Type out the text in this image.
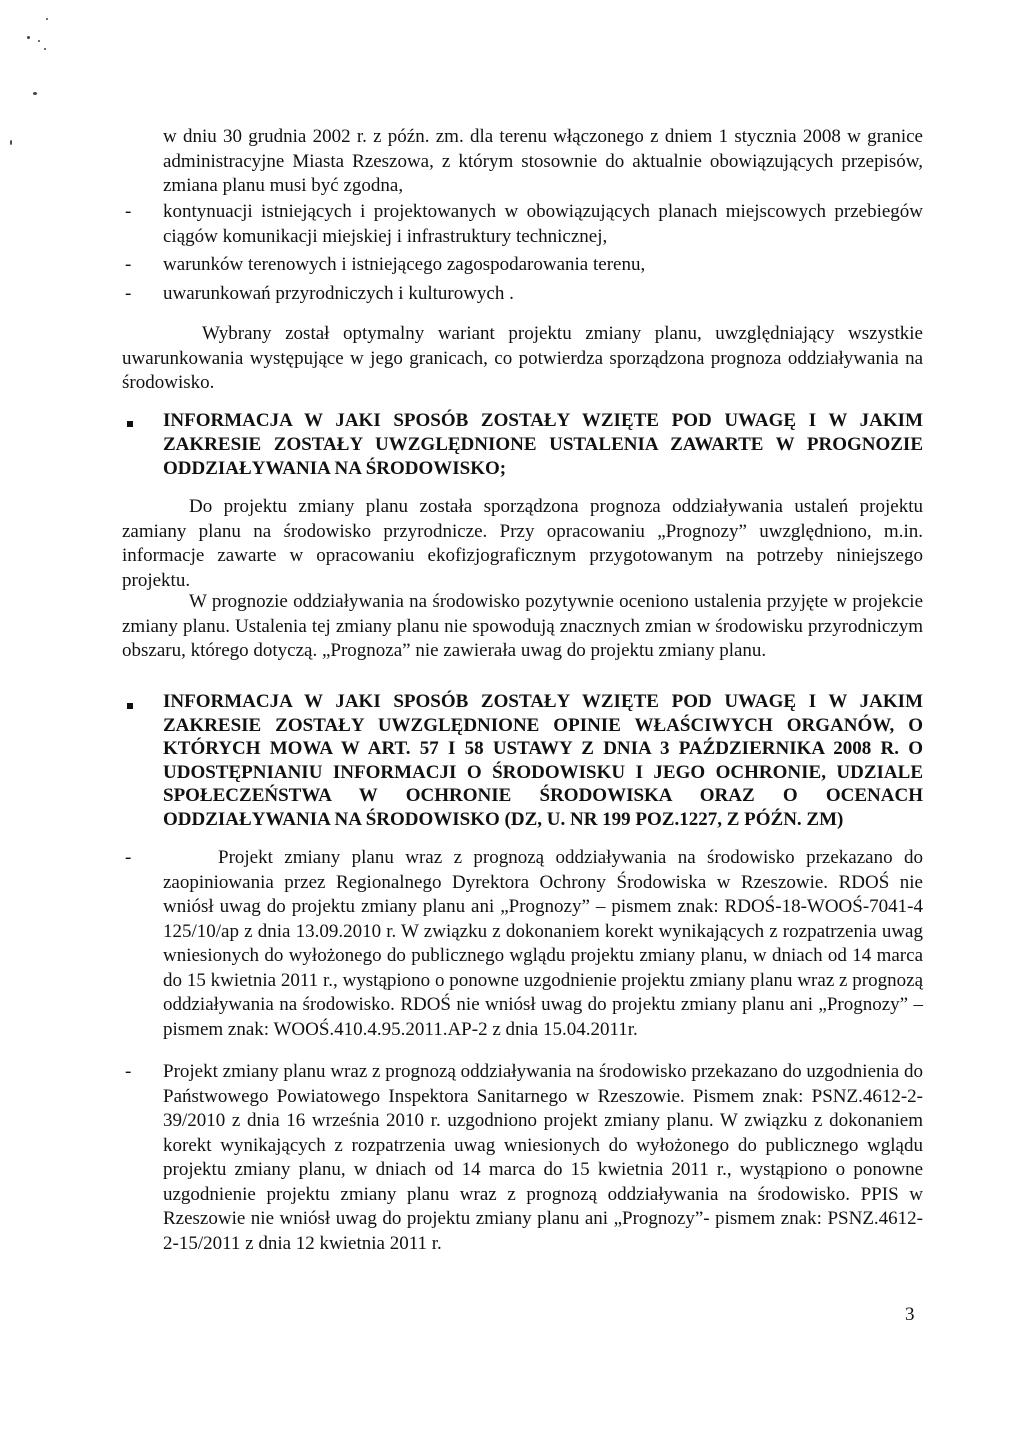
w dniu 30 grudnia 2002 r. z późn. zm. dla terenu włączonego z dniem 1 stycznia 2008 w granice administracyjne Miasta Rzeszowa, z którym stosownie do aktualnie obowiązujących przepisów, zmiana planu musi być zgodna,

- kontynuacji istniejących i projektowanych w obowiązujących planach miejscowych przebiegów ciągów komunikacji miejskiej i infrastruktury technicznej,

- warunków terenowych i istniejącego zagospodarowania terenu,

- uwarunkowań przyrodniczych i kulturowych .

Wybrany został optymalny wariant projektu zmiany planu, uwzględniający wszystkie uwarunkowania występujące w jego granicach, co potwierdza sporządzona prognoza oddziaływania na środowisko.

INFORMACJA W JAKI SPOSÓB ZOSTAŁY WZIĘTE POD UWAGĘ I W JAKIM ZAKRESIE ZOSTAŁY UWZGLĘDNIONE USTALENIA ZAWARTE W PROGNOZIE ODDZIAŁYWANIA NA ŚRODOWISKO;

Do projektu zmiany planu została sporządzona prognoza oddziaływania ustaleń projektu zamiany planu na środowisko przyrodnicze. Przy opracowaniu „Prognozy” uwzględniono, m.in. informacje zawarte w opracowaniu ekofizjograficznym przygotowanym na potrzeby niniejszego projektu.

W prognozie oddziaływania na środowisko pozytywnie oceniono ustalenia przyjęte w projekcie zmiany planu. Ustalenia tej zmiany planu nie spowodują znacznych zmian w środowisku przyrodniczym obszaru, którego dotyczą. „Prognoza” nie zawierała uwag do projektu zmiany planu.

INFORMACJA W JAKI SPOSÓB ZOSTAŁY WZIĘTE POD UWAGĘ I W JAKIM ZAKRESIE ZOSTAŁY UWZGLĘDNIONE OPINIE WŁAŚCIWYCH ORGANÓW, O KTÓRYCH MOWA W ART. 57 I 58 USTAWY Z DNIA 3 PAŹDZIERNIKA 2008 R. O UDOSTĘPNIANIU INFORMACJI O ŚRODOWISKU I JEGO OCHRONIE, UDZIALE SPOŁECZEŃSTWA W OCHRONIE ŚRODOWISKA ORAZ O OCENACH ODDZIAŁYWANIA NA ŚRODOWISKO (DZ, U. NR 199 POZ.1227, Z PÓŹN. ZM)

-	Projekt zmiany planu wraz z prognozą oddziaływania na środowisko przekazano do zaopiniowania przez Regionalnego Dyrektora Ochrony Środowiska w Rzeszowie. RDOŚ nie wniósł uwag do projektu zmiany planu ani „Prognozy” – pismem znak: RDOŚ-18-WOOŚ-7041-4 125/10/ap z dnia 13.09.2010 r. W związku z dokonaniem korekt wynikających z rozpatrzenia uwag wniesionych do wyłożonego do publicznego wglądu projektu zmiany planu, w dniach od 14 marca do 15 kwietnia 2011 r., wystąpiono o ponowne uzgodnienie projektu zmiany planu wraz z prognozą oddziaływania na środowisko. RDOŚ nie wniósł uwag do projektu zmiany planu ani „Prognozy” – pismem znak: WOOŚ.410.4.95.2011.AP-2 z dnia 15.04.2011r.

- Projekt zmiany planu wraz z prognozą oddziaływania na środowisko przekazano do uzgodnienia do Państwowego Powiatowego Inspektora Sanitarnego w Rzeszowie. Pismem znak: PSNZ.4612-2-39/2010 z dnia 16 września 2010 r. uzgodniono projekt zmiany planu. W związku z dokonaniem korekt wynikających z rozpatrzenia uwag wniesionych do wyłożonego do publicznego wglądu projektu zmiany planu, w dniach od 14 marca do 15 kwietnia 2011 r., wystąpiono o ponowne uzgodnienie projektu zmiany planu wraz z prognozą oddziaływania na środowisko. PPIS w Rzeszowie nie wniósł uwag do projektu zmiany planu ani „Prognozy”- pismem znak: PSNZ.4612-2-15/2011 z dnia 12 kwietnia 2011 r.

3
